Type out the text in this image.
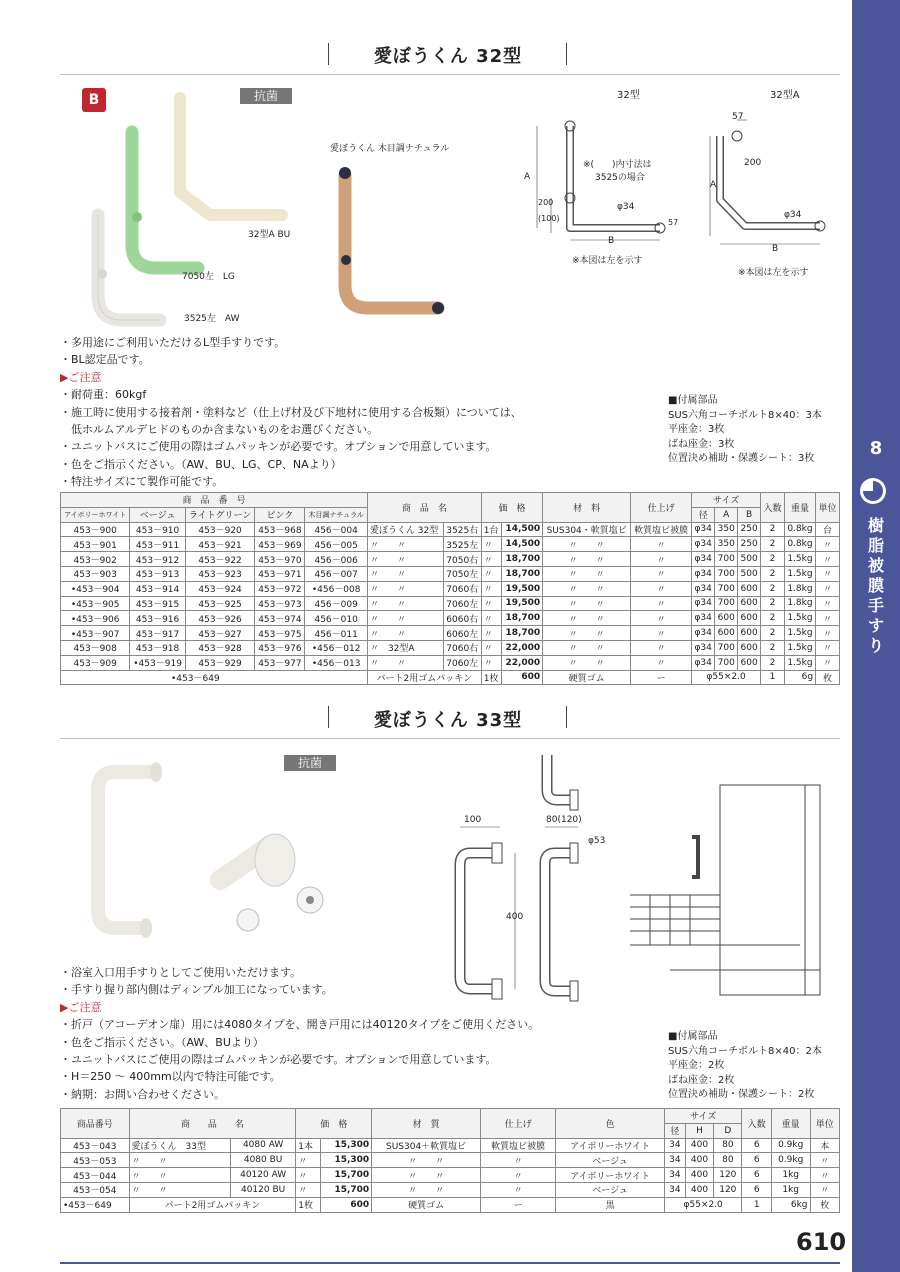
8
樹
脂
被
膜
手
す
り
愛ぼうくん 32型
B	抗菌
32型A BU
7050左　LG
3525左　AW
愛ぼうくん 木目調ナチュラル
32型	32型A
※(　　)内寸法は
3525の場合
A
200
(100)
φ34
57
B
※本図は左を示す
57
200
A
φ34
B
※本図は左を示す
・多用途にご利用いただけるL型手すりです。
・BL認定品です。
▶ご注意
・耐荷重：60kgf
・施工時に使用する接着剤・塗料など（仕上げ材及び下地材に使用する合板類）については、
　低ホルムアルデヒドのものか含まないものをお選びください。
・ユニットバスにご使用の際はゴムパッキンが必要です。オプションで用意しています。
・色をご指示ください。（AW、BU、LG、CP、NAより）
・特注サイズにて製作可能です。
■付属部品
SUS六角コーチボルト8×40：3本
平座金：3枚
ばね座金：3枚
位置決め補助・保護シート：3枚
商　品　番　号					商　品　名		価　格		材　料	仕上げ	サイズ			入数	重量	単位
アイボリーホワイト	ベージュ	ライトグリーン	ピンク	木目調ナチュラル							径	A	B			
453－900	453－910	453－920	453－968	456－004	愛ぼうくん 32型	3525右	1台	14,500	SUS304・軟質塩ビ	軟質塩ビ被膜	φ34	350	250	2	0.8kg	台
453－901	453－911	453－921	453－969	456－005	〃　　〃	3525左	〃	14,500	〃　　〃	〃	φ34	350	250	2	0.8kg	〃
453－902	453－912	453－922	453－970	456－006	〃　　〃	7050右	〃	18,700	〃　　〃	〃	φ34	700	500	2	1.5kg	〃
453－903	453－913	453－923	453－971	456－007	〃　　〃	7050左	〃	18,700	〃　　〃	〃	φ34	700	500	2	1.5kg	〃
•453－904	453－914	453－924	453－972	•456－008	〃　　〃	7060右	〃	19,500	〃　　〃	〃	φ34	700	600	2	1.8kg	〃
•453－905	453－915	453－925	453－973	456－009	〃　　〃	7060左	〃	19,500	〃　　〃	〃	φ34	700	600	2	1.8kg	〃
•453－906	453－916	453－926	453－974	456－010	〃　　〃	6060右	〃	18,700	〃　　〃	〃	φ34	600	600	2	1.5kg	〃
•453－907	453－917	453－927	453－975	456－011	〃　　〃	6060左	〃	18,700	〃　　〃	〃	φ34	600	600	2	1.5kg	〃
453－908	453－918	453－928	453－976	•456－012	〃　32型A	7060右	〃	22,000	〃　　〃	〃	φ34	700	600	2	1.5kg	〃
453－909	•453－919	453－929	453－977	•456－013	〃　　〃	7060左	〃	22,000	〃　　〃	〃	φ34	700	600	2	1.5kg	〃
•453－649					パート2用ゴムパッキン		1枚	600	硬質ゴム	ー	φ55×2.0			1	6g	枚
愛ぼうくん 33型
抗菌
100	80(120)
φ53
400
・浴室入口用手すりとしてご使用いただけます。
・手すり握り部内側はディンプル加工になっています。
▶ご注意
・折戸（アコーデオン扉）用には4080タイプを、開き戸用には40120タイプをご使用ください。
・色をご指示ください。（AW、BUより）
・ユニットバスにご使用の際はゴムパッキンが必要です。オプションで用意しています。
・H＝250 ～ 400mm以内で特注可能です。
・納期：お問い合わせください。
■付属部品
SUS六角コーチボルト8×40：2本
平座金：2枚
ばね座金：2枚
位置決め補助・保護シート：2枚
商品番号	商　　品　　名		価　格		材　質	仕上げ	色	サイズ			入数	重量	単位
								径	H	D			
453－043	愛ぼうくん　33型	4080 AW	1本	15,300	SUS304＋軟質塩ビ	軟質塩ビ被膜	アイボリーホワイト	34	400	80	6	0.9kg	本
453－053	〃　　〃	4080 BU	〃	15,300	〃　　〃	〃	ベージュ	34	400	80	6	0.9kg	〃
453－044	〃　　〃	40120 AW	〃	15,700	〃　　〃	〃	アイボリーホワイト	34	400	120	6	1kg	〃
453－054	〃　　〃	40120 BU	〃	15,700	〃　　〃	〃	ベージュ	34	400	120	6	1kg	〃
•453－649	パート2用ゴムパッキン		1枚	600	硬質ゴム	ー	黒	φ55×2.0			1	6kg	枚
610
